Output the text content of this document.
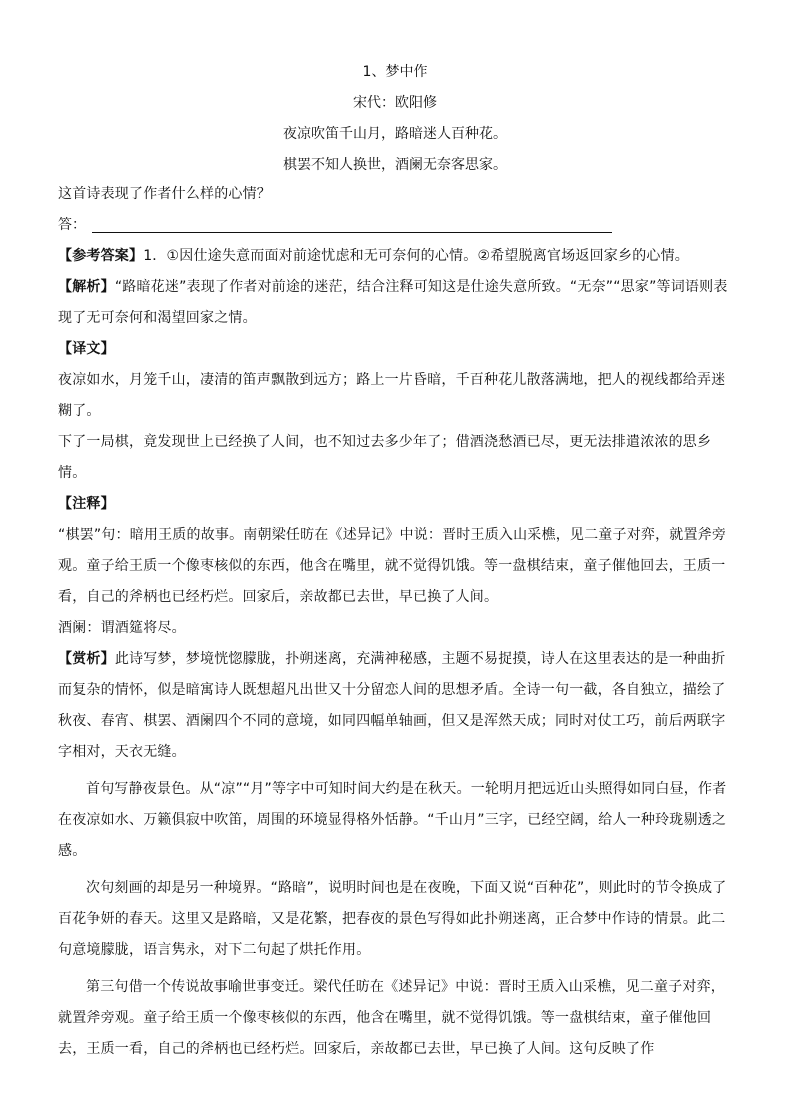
1、梦中作

宋代：欧阳修

夜凉吹笛千山月，路暗迷人百种花。

棋罢不知人换世，酒阑无奈客思家。

这首诗表现了作者什么样的心情？

答：

【参考答案】1．①因仕途失意而面对前途忧虑和无可奈何的心情。②希望脱离官场返回家乡的心情。

【解析】“路暗花迷”表现了作者对前途的迷茫，结合注释可知这是仕途失意所致。“无奈”“思家”等词语则表现了无可奈何和渴望回家之情。

【译文】

夜凉如水，月笼千山，凄清的笛声飘散到远方；路上一片昏暗，千百种花儿散落满地，把人的视线都给弄迷糊了。

下了一局棋，竟发现世上已经换了人间，也不知过去多少年了；借酒浇愁酒已尽，更无法排遣浓浓的思乡情。

【注释】

“棋罢”句：暗用王质的故事。南朝梁任昉在《述异记》中说：晋时王质入山采樵，见二童子对弈，就置斧旁观。童子给王质一个像枣核似的东西，他含在嘴里，就不觉得饥饿。等一盘棋结束，童子催他回去，王质一看，自己的斧柄也已经朽烂。回家后，亲故都已去世，早已换了人间。

酒阑：谓酒筵将尽。

【赏析】此诗写梦，梦境恍惚朦胧，扑朔迷离，充满神秘感，主题不易捉摸，诗人在这里表达的是一种曲折而复杂的情怀，似是暗寓诗人既想超凡出世又十分留恋人间的思想矛盾。全诗一句一截，各自独立，描绘了秋夜、春宵、棋罢、酒阑四个不同的意境，如同四幅单轴画，但又是浑然天成；同时对仗工巧，前后两联字字相对，天衣无缝。

首句写静夜景色。从“凉”“月”等字中可知时间大约是在秋天。一轮明月把远近山头照得如同白昼，作者在夜凉如水、万籁俱寂中吹笛，周围的环境显得格外恬静。“千山月”三字，已经空阔，给人一种玲珑剔透之感。

次句刻画的却是另一种境界。“路暗”，说明时间也是在夜晚，下面又说“百种花”，则此时的节令换成了百花争妍的春天。这里又是路暗，又是花繁，把春夜的景色写得如此扑朔迷离，正合梦中作诗的情景。此二句意境朦胧，语言隽永，对下二句起了烘托作用。

第三句借一个传说故事喻世事变迁。梁代任昉在《述异记》中说：晋时王质入山采樵，见二童子对弈，就置斧旁观。童子给王质一个像枣核似的东西，他含在嘴里，就不觉得饥饿。等一盘棋结束，童子催他回去，王质一看，自己的斧柄也已经朽烂。回家后，亲故都已去世，早已换了人间。这句反映了作
